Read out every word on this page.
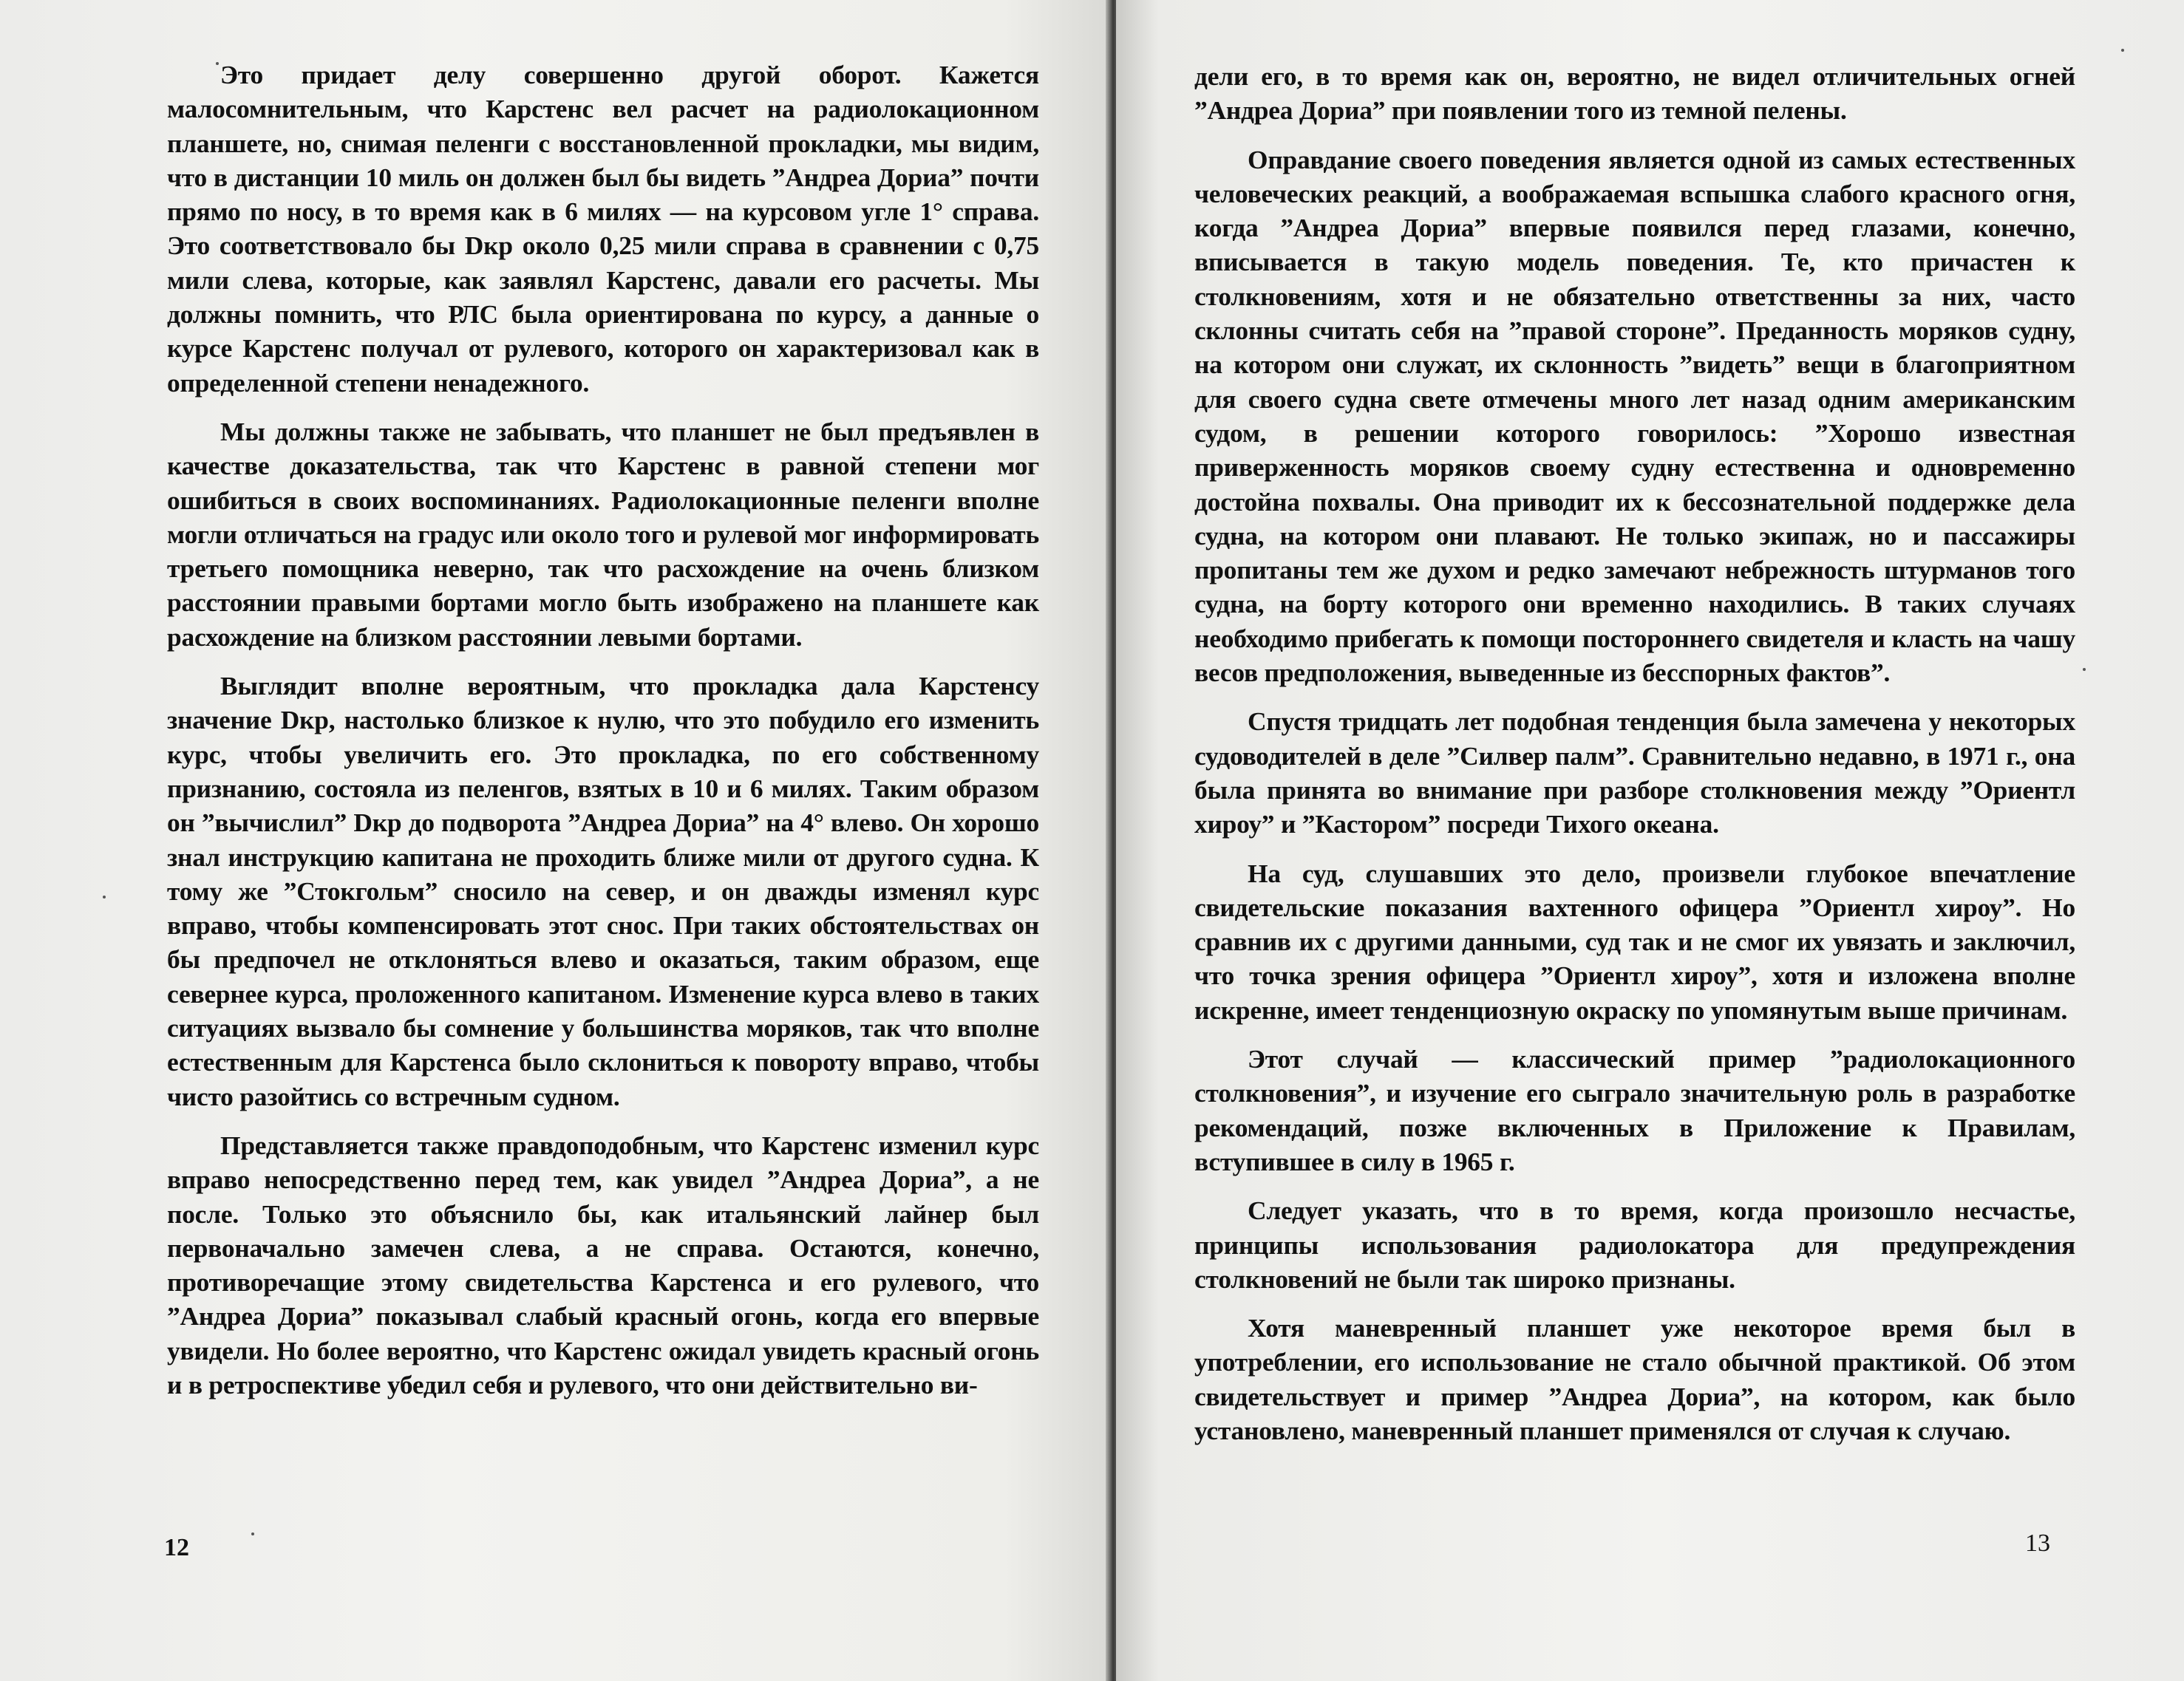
Это придает делу совершенно другой оборот. Кажется малосомнительным, что Карстенс вел расчет на радиолокационном планшете, но, снимая пеленги с восстановленной прокладки, мы видим, что в дистанции 10 миль он должен был бы видеть ”Андреа Дориа” почти прямо по носу, в то время как в 6 милях — на курсовом угле 1° справа. Это соответствовало бы Dкр около 0,25 мили справа в сравнении с 0,75 мили слева, которые, как заявлял Карстенс, давали его расчеты. Мы должны помнить, что РЛС была ориентирована по курсу, а данные о курсе Карстенс получал от рулевого, которого он характеризовал как в определенной степени ненадежного.

Мы должны также не забывать, что планшет не был предъявлен в качестве доказательства, так что Карстенс в равной степени мог ошибиться в своих воспоминаниях. Радиолокационные пеленги вполне могли отличаться на градус или около того и рулевой мог информировать третьего помощника неверно, так что расхождение на очень близком расстоянии правыми бортами могло быть изображено на планшете как расхождение на близком расстоянии левыми бортами.

Выглядит вполне вероятным, что прокладка дала Карстенсу значение Dкр, настолько близкое к нулю, что это побудило его изменить курс, чтобы увеличить его. Это прокладка, по его собственному признанию, состояла из пеленгов, взятых в 10 и 6 милях. Таким образом он ”вычислил” Dкр до подворота ”Андреа Дориа” на 4° влево. Он хорошо знал инструкцию капитана не проходить ближе мили от другого судна. К тому же ”Стокгольм” сносило на север, и он дважды изменял курс вправо, чтобы компенсировать этот снос. При таких обстоятельствах он бы предпочел не отклоняться влево и оказаться, таким образом, еще севернее курса, проложенного капитаном. Изменение курса влево в таких ситуациях вызвало бы сомнение у большинства моряков, так что вполне естественным для Карстенса было склониться к повороту вправо, чтобы чисто разойтись со встречным судном.

Представляется также правдоподобным, что Карстенс изменил курс вправо непосредственно перед тем, как увидел ”Андреа Дориа”, а не после. Только это объяснило бы, как итальянский лайнер был первоначально замечен слева, а не справа. Остаются, конечно, противоречащие этому свидетельства Карстенса и его рулевого, что ”Андреа Дориа” показывал слабый красный огонь, когда его впервые увидели. Но более вероятно, что Карстенс ожидал увидеть красный огонь и в ретроспективе убедил себя и рулевого, что они действительно ви-

12

дели его, в то время как он, вероятно, не видел отличительных огней ”Андреа Дориа” при появлении того из темной пелены.

Оправдание своего поведения является одной из самых естественных человеческих реакций, а воображаемая вспышка слабого красного огня, когда ”Андреа Дориа” впервые появился перед глазами, конечно, вписывается в такую модель поведения. Те, кто причастен к столкновениям, хотя и не обязательно ответственны за них, часто склонны считать себя на ”правой стороне”. Преданность моряков судну, на котором они служат, их склонность ”видеть” вещи в благоприятном для своего судна свете отмечены много лет назад одним американским судом, в решении которого говорилось: ”Хорошо известная приверженность моряков своему судну естественна и одновременно достойна похвалы. Она приводит их к бессознательной поддержке дела судна, на котором они плавают. Не только экипаж, но и пассажиры пропитаны тем же духом и редко замечают небрежность штурманов того судна, на борту которого они временно находились. В таких случаях необходимо прибегать к помощи постороннего свидетеля и класть на чашу весов предположения, выведенные из бесспорных фактов”.

Спустя тридцать лет подобная тенденция была замечена у некоторых судоводителей в деле ”Силвер палм”. Сравнительно недавно, в 1971 г., она была принята во внимание при разборе столкновения между ”Ориентл хироу” и ”Кастором” посреди Тихого океана.

На суд, слушавших это дело, произвели глубокое впечатление свидетельские показания вахтенного офицера ”Ориентл хироу”. Но сравнив их с другими данными, суд так и не смог их увязать и заключил, что точка зрения офицера ”Ориентл хироу”, хотя и изложена вполне искренне, имеет тенденциозную окраску по упомянутым выше причинам.

Этот случай — классический пример ”радиолокационного столкновения”, и изучение его сыграло значительную роль в разработке рекомендаций, позже включенных в Приложение к Правилам, вступившее в силу в 1965 г.

Следует указать, что в то время, когда произошло несчастье, принципы использования радиолокатора для предупреждения столкновений не были так широко признаны.

Хотя маневренный планшет уже некоторое время был в употреблении, его использование не стало обычной практикой. Об этом свидетельствует и пример ”Андреа Дориа”, на котором, как было установлено, маневренный планшет применялся от случая к случаю.

13
